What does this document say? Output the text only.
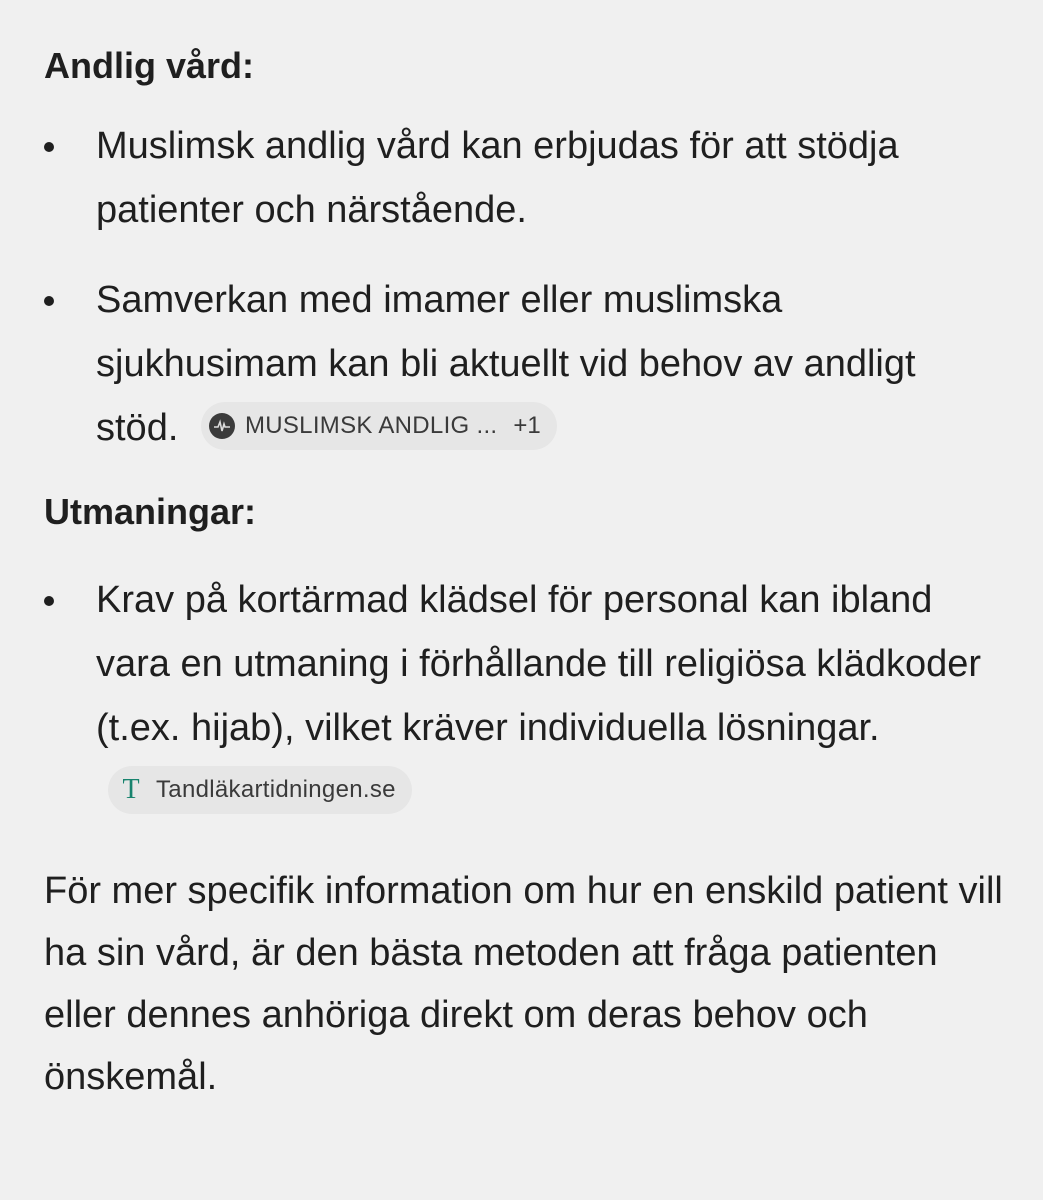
Andlig vård:

Muslimsk andlig vård kan erbjudas för att stödja patienter och närstående.
Samverkan med imamer eller muslimska sjukhusimam kan bli aktuellt vid behov av andligt stöd.	MUSLIMSK ANDLIG ... +1

Utmaningar:

Krav på kortärmad klädsel för personal kan ibland vara en utmaning i förhållande till religiösa klädkoder (t.ex. hijab), vilket kräver individuella lösningar.
T Tandläkartidningen.se

För mer specifik information om hur en enskild patient vill ha sin vård, är den bästa metoden att fråga patienten eller dennes anhöriga direkt om deras behov och önskemål.
